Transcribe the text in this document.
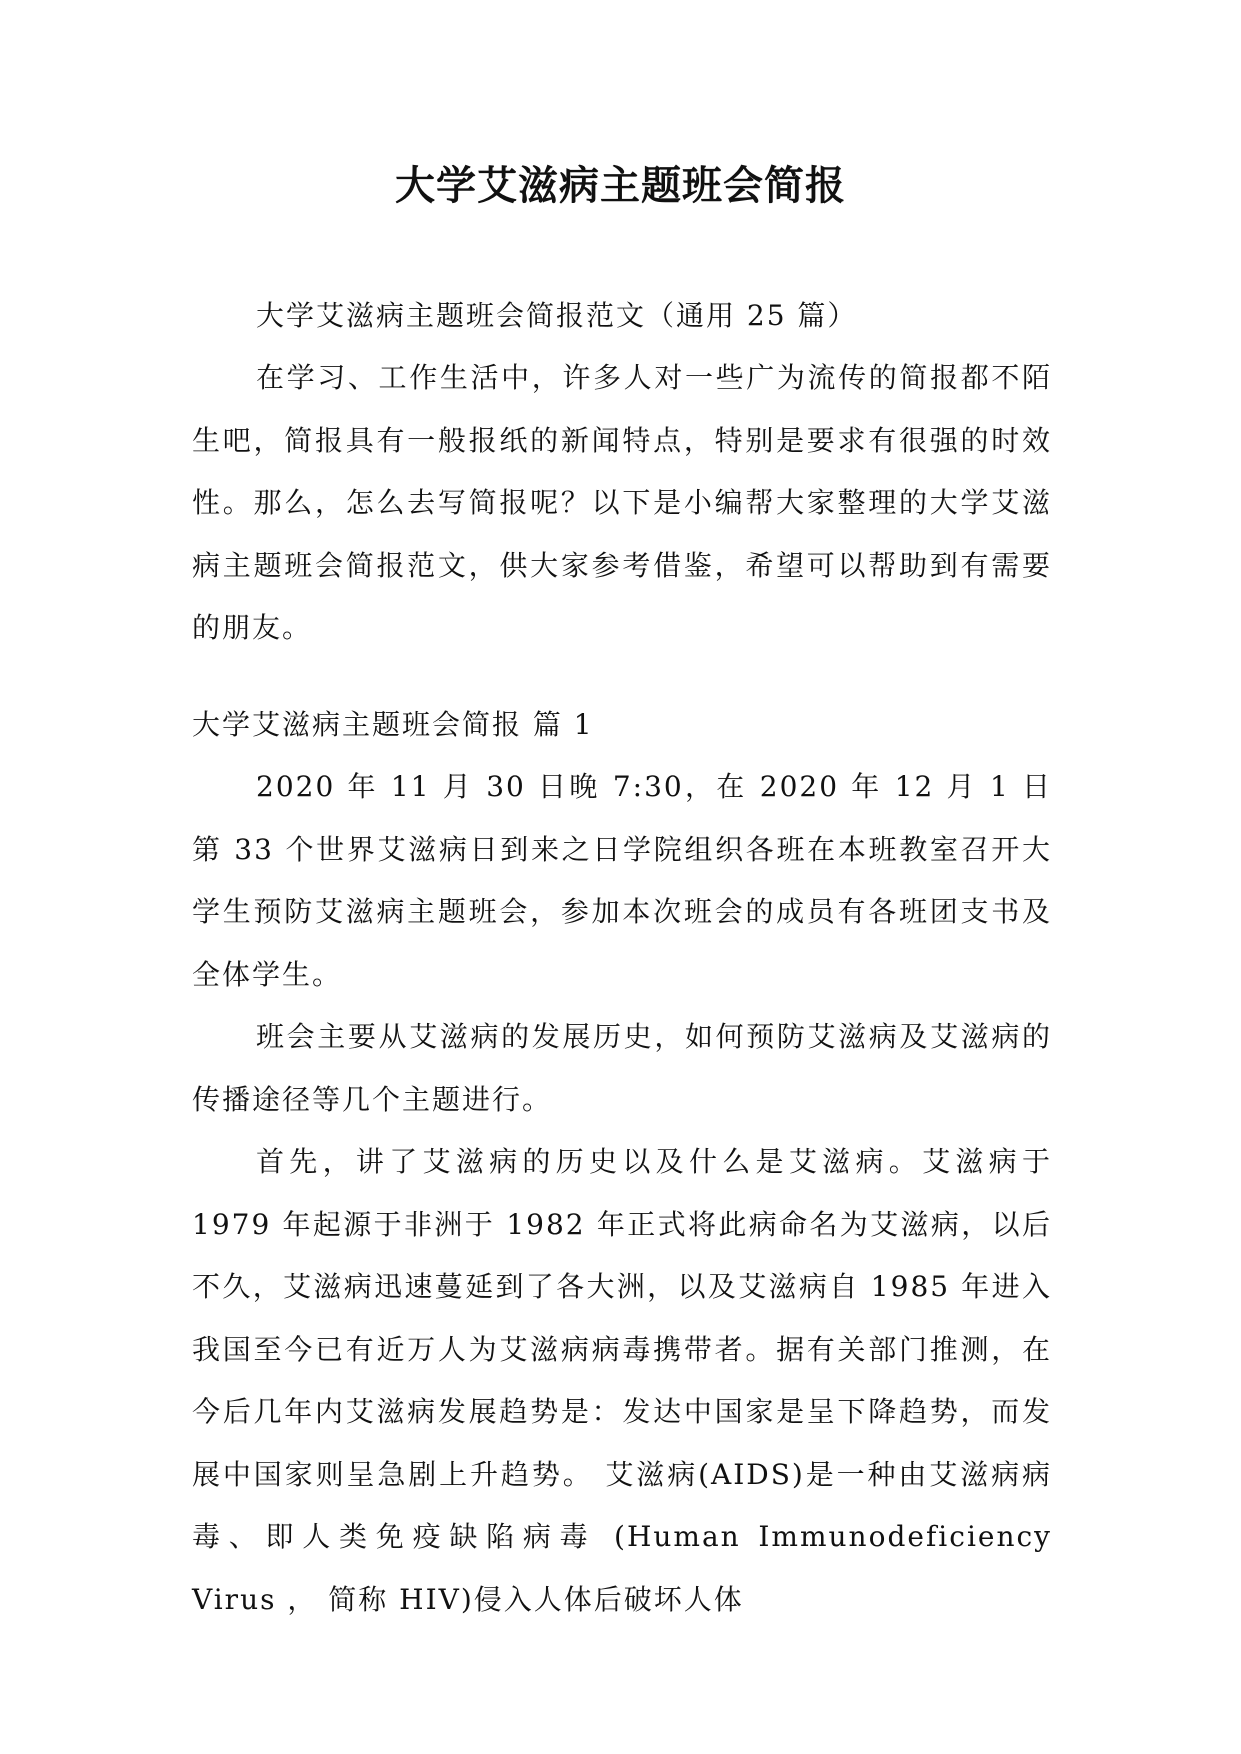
大学艾滋病主题班会简报
大学艾滋病主题班会简报范文（通用 25 篇）
在学习、工作生活中，许多人对一些广为流传的简报都不陌生吧，简报具有一般报纸的新闻特点，特别是要求有很强的时效性。那么，怎么去写简报呢？以下是小编帮大家整理的大学艾滋病主题班会简报范文，供大家参考借鉴，希望可以帮助到有需要的朋友。
大学艾滋病主题班会简报 篇 1

2020 年 11 月 30 日晚 7:30，在 2020 年 12 月 1 日第 33 个世界艾滋病日到来之日学院组织各班在本班教室召开大学生预防艾滋病主题班会，参加本次班会的成员有各班团支书及全体学生。

班会主要从艾滋病的发展历史，如何预防艾滋病及艾滋病的传播途径等几个主题进行。

首先，讲了艾滋病的历史以及什么是艾滋病。艾滋病于 1979 年起源于非洲于 1982 年正式将此病命名为艾滋病，以后不久，艾滋病迅速蔓延到了各大洲，以及艾滋病自 1985 年进入我国至今已有近万人为艾滋病病毒携带者。据有关部门推测，在今后几年内艾滋病发展趋势是：发达中国家是呈下降趋势，而发展中国家则呈急剧上升趋势。 艾滋病(AIDS)是一种由艾滋病病毒、即人类免疫缺陷病毒 (Human Immunodeficiency Virus ， 简称 HIV)侵入人体后破坏人体
